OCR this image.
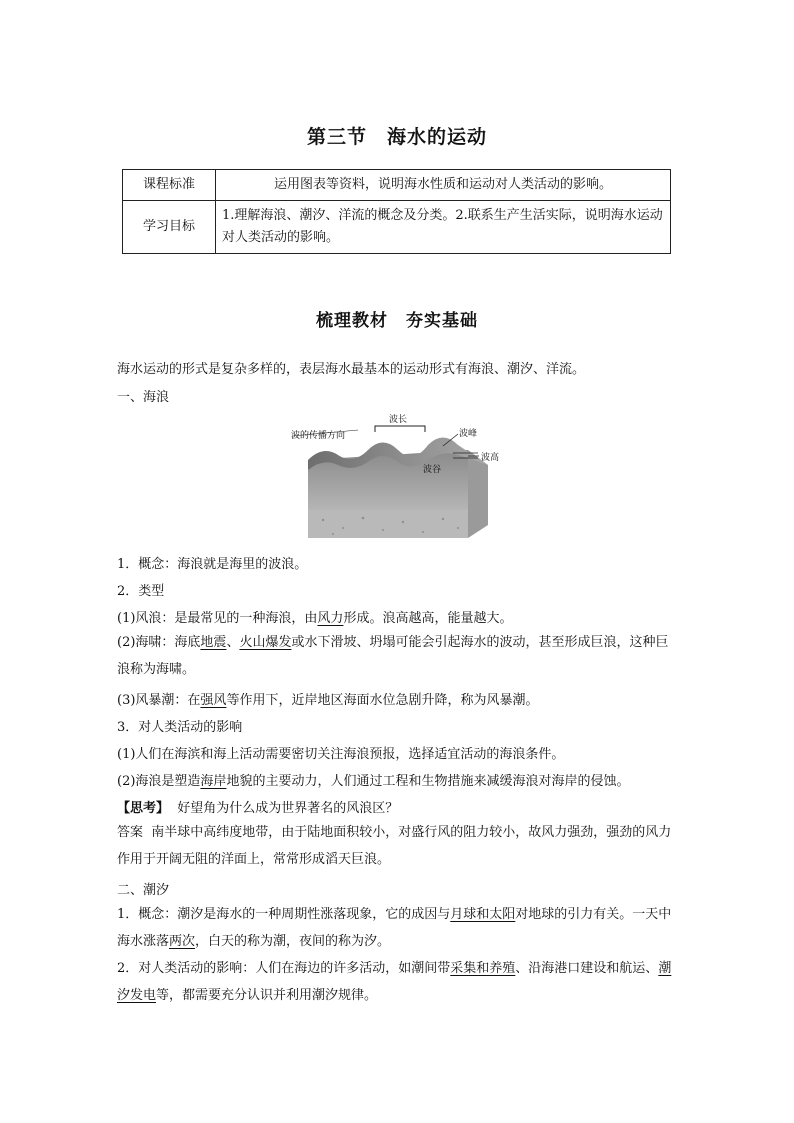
第三节　海水的运动
课程标准	运用图表等资料，说明海水性质和运动对人类活动的影响。
学习目标	1.理解海浪、潮汐、洋流的概念及分类。2.联系生产生活实际，说明海水运动对人类活动的影响。
梳理教材　夯实基础
海水运动的形式是复杂多样的，表层海水最基本的运动形式有海浪、潮汐、洋流。
一、海浪
波的传播方向
波长
波峰
波高
波谷
1．概念：海浪就是海里的波浪。
2．类型
(1)风浪：是最常见的一种海浪，由风力形成。浪高越高，能量越大。
(2)海啸：海底地震、火山爆发或水下滑坡、坍塌可能会引起海水的波动，甚至形成巨浪，这种巨浪称为海啸。
(3)风暴潮：在强风等作用下，近岸地区海面水位急剧升降，称为风暴潮。
3．对人类活动的影响
(1)人们在海滨和海上活动需要密切关注海浪预报，选择适宜活动的海浪条件。
(2)海浪是塑造海岸地貌的主要动力，人们通过工程和生物措施来减缓海浪对海岸的侵蚀。
【思考】 好望角为什么成为世界著名的风浪区？
答案 南半球中高纬度地带，由于陆地面积较小，对盛行风的阻力较小，故风力强劲，强劲的风力作用于开阔无阻的洋面上，常常形成滔天巨浪。
二、潮汐
1．概念：潮汐是海水的一种周期性涨落现象，它的成因与月球和太阳对地球的引力有关。一天中海水涨落两次，白天的称为潮，夜间的称为汐。
2．对人类活动的影响：人们在海边的许多活动，如潮间带采集和养殖、沿海港口建设和航运、潮汐发电等，都需要充分认识并利用潮汐规律。
